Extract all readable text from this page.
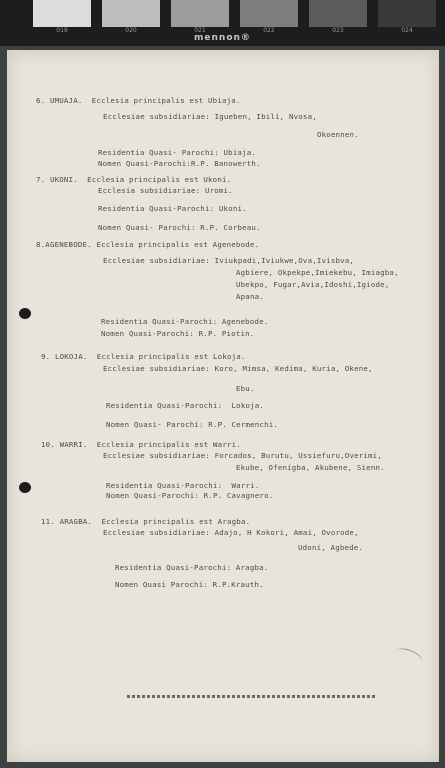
019	020	021	022	023	024
mennon®
6. UMUAJA.  Ecclesia principalis est Ubiaja.
Ecclesiae subsidiariae: Igueben, Ibili, Nvosa,
Okoennen.
Residentia Quasi- Parochi: Ubiaja.
Nomen Quasi-Parochi:R.P. Banowerth.
7. UKONI.  Ecclesia principalis est Ukoni.
Ecclesia subsidiariae: Uromi.
Residentia Quasi-Parochi: Ukoni.
Nomen Quasi- Parochi: R.P. Corbeau.
8.AGENEBODE. Ecclesia principalis est Agenebode.
Ecclesiae subsidiariae: Iviukpadi,Iviukwe,Ova,Ivisbva,
Agbiere, Okpekpe,Imiekebu, Imiagba,
Ubekpo, Fugar,Avia,Idoshi,Igiode,
Apana.
Residentia Quasi-Parochi: Agenebode.
Nomen Quasi-Parochi: R.P. Piotin.
9. LOKOJA.  Ecclesia principalis est Lokoja.
Ecclesiae subsidiariae: Koro, Mimsa, Kedima, Kuria, Okene,
Ebu.
Residentia Quasi-Parochi:  Lokoja.
Nomen Quasi- Parochi: R.P. Cermenchi.
10. WARRI.  Ecclesia principalis est Warri.
Ecclesiae subsidiariae: Forcados, Burutu, Ussiefuru,Overimi,
Ekube, Ofenigba, Akubene, Sienn.
Residentia Quasi-Parochi:  Warri.
Nomen Quasi-Parochi: R.P. Cavagnero.
11. ARAGBA.  Ecclesia principalis est Aragba.
Ecclesiae subsidiariae: Adajo, H Kokori, Amai, Ovorode,
Udoni, Agbede.
Residentia Quasi-Parochi: Aragba.
Nomen Quasi Parochi: R.P.Krauth.
